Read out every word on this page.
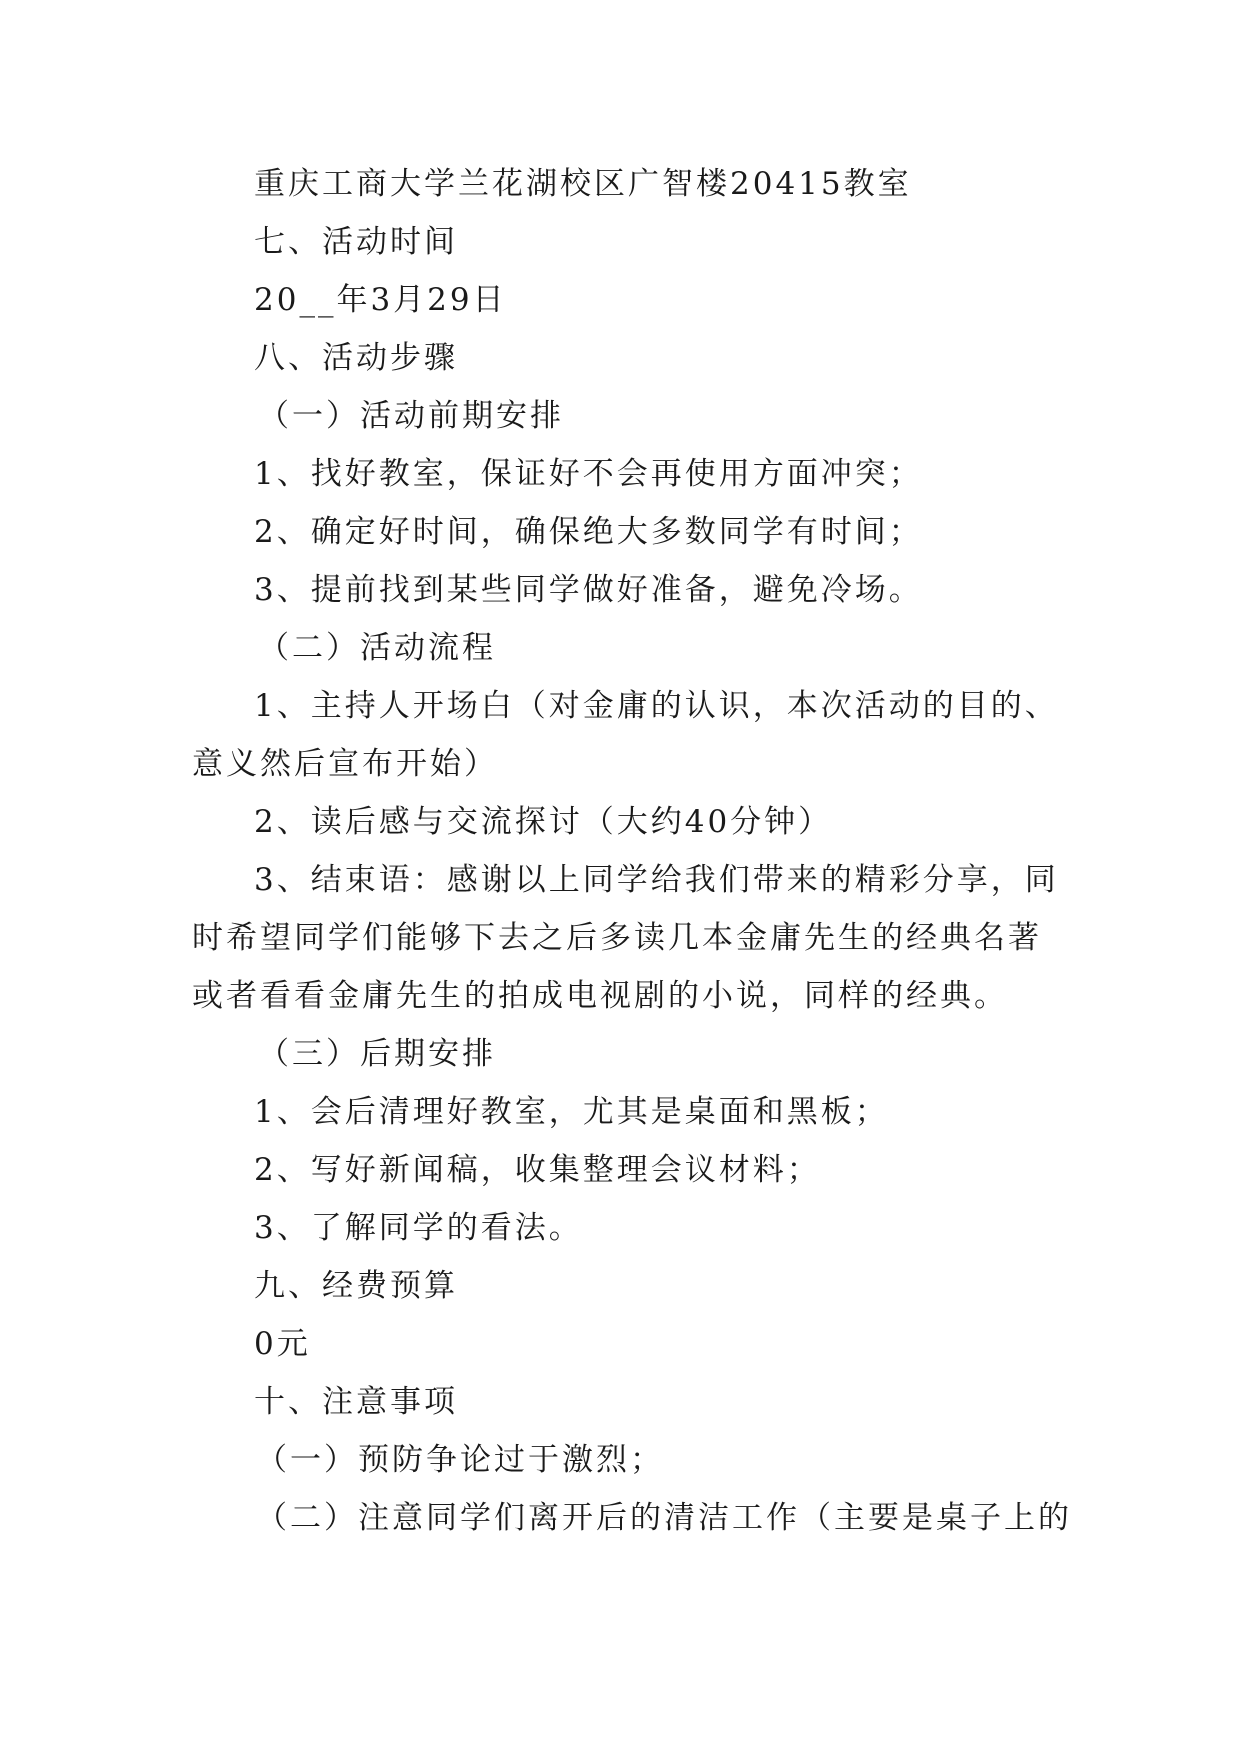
重庆工商大学兰花湖校区广智楼20415教室
七、活动时间
20__年3月29日
八、活动步骤
（一）活动前期安排
1、找好教室，保证好不会再使用方面冲突；
2、确定好时间，确保绝大多数同学有时间；
3、提前找到某些同学做好准备，避免冷场。
（二）活动流程
1、主持人开场白（对金庸的认识，本次活动的目的、
意义然后宣布开始）
2、读后感与交流探讨（大约40分钟）
3、结束语：感谢以上同学给我们带来的精彩分享，同
时希望同学们能够下去之后多读几本金庸先生的经典名著
或者看看金庸先生的拍成电视剧的小说，同样的经典。
（三）后期安排
1、会后清理好教室，尤其是桌面和黑板；
2、写好新闻稿，收集整理会议材料；
3、了解同学的看法。
九、经费预算
0元
十、注意事项
（一）预防争论过于激烈；
（二）注意同学们离开后的清洁工作（主要是桌子上的
